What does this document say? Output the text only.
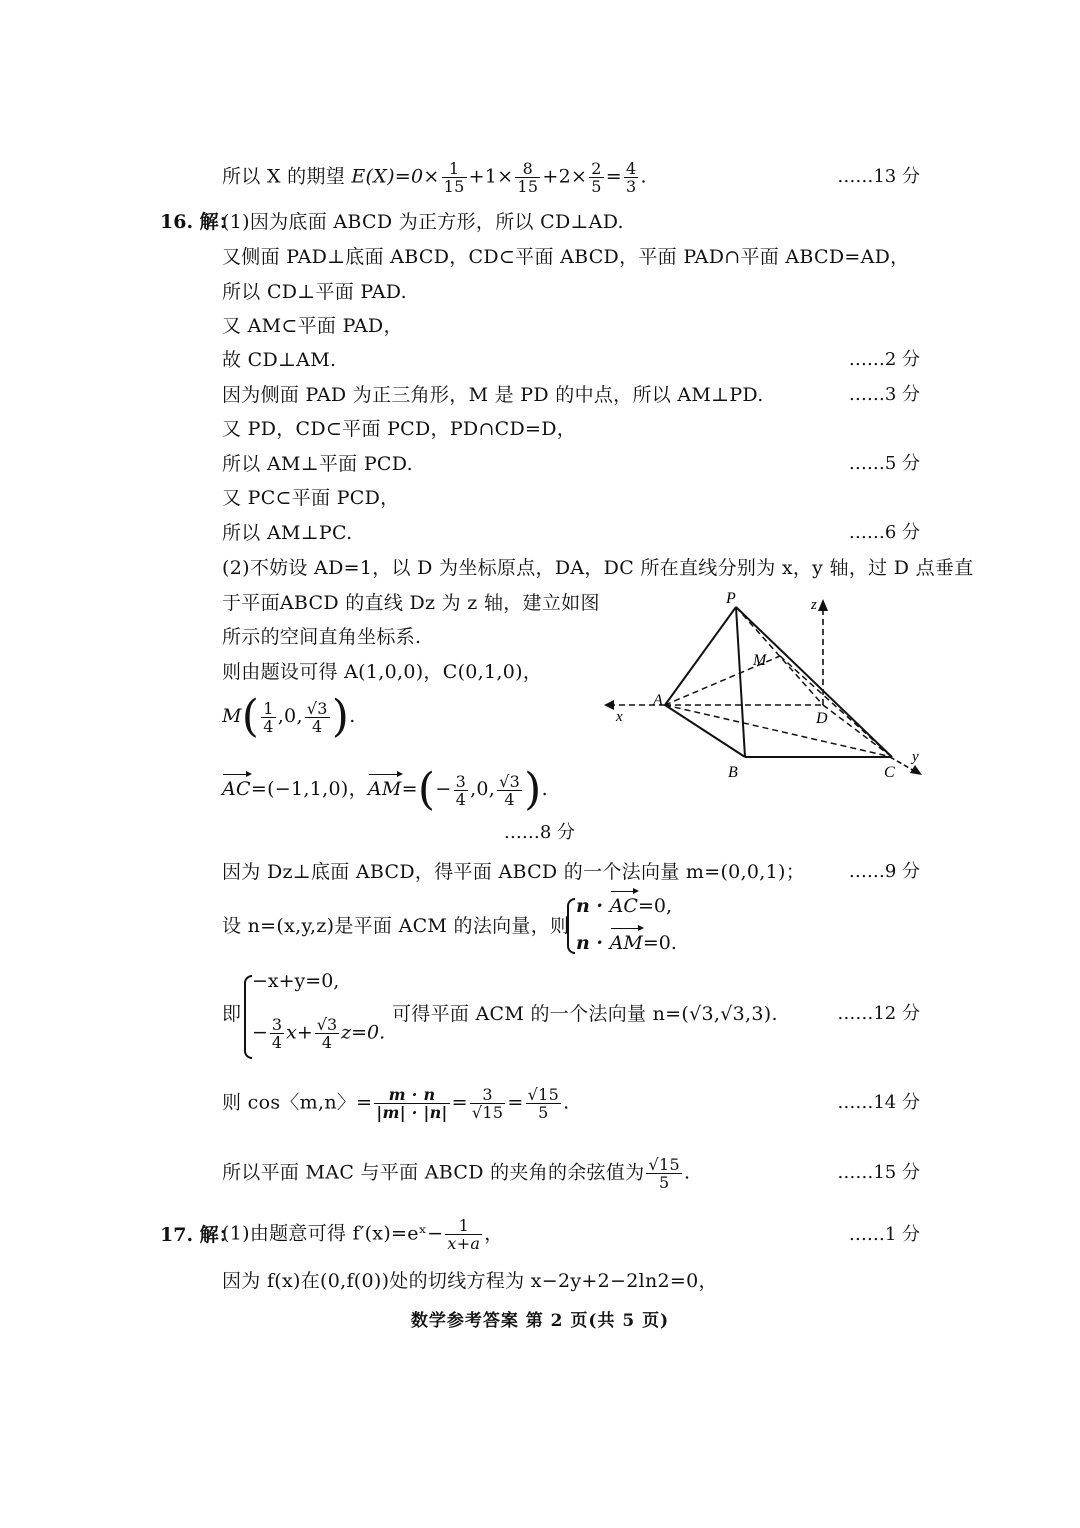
所以 X 的期望 $E(X)=0\times \frac{1}{15} +1\times \frac{8}{15} +2\times \frac{2}{5} = \frac{4}{3}$ .	……13 分
16. 解：
(1)因为底面 ABCD 为正方形，所以 CD⊥AD.
又侧面 PAD⊥底面 ABCD，CD⊂平面 ABCD，平面 PAD∩平面 ABCD=AD，
所以 CD⊥平面 PAD.
又 AM⊂平面 PAD，
故 CD⊥AM.	……2 分
因为侧面 PAD 为正三角形，M 是 PD 的中点，所以 AM⊥PD.	……3 分
又 PD，CD⊂平面 PCD，PD∩CD=D，
所以 AM⊥平面 PCD.	……5 分
又 PC⊂平面 PCD，
所以 AM⊥PC.	……6 分
(2)不妨设 AD=1，以 D 为坐标原点，DA，DC 所在直线分别为 x，y 轴，过 D 点垂直
于平面ABCD 的直线 Dz 为 z 轴，建立如图
所示的空间直角坐标系.
则由题设可得 A(1,0,0)，C(0,1,0)，
$M( \frac{1}{4} ,0$, $\frac{√3}{4}$ ).
AC=(−1,1,0)，$AM=(- \frac{3}{4} ,0$, $\frac{√3}{4}$ ).
……8 分
P
M
A
D
B	C
x
y
z
因为 Dz⊥底面 ABCD，得平面 ABCD 的一个法向量 m=(0,0,1)； ……9 分
设 n=(x,y,z)是平面 ACM 的法向量，则
n · AC=0,
n · AM=0.
即
−x+y=0,
− $\frac{3}{4} x+ \frac{√3}{4} z=0$.
可得平面 ACM 的一个法向量 n=(√3,√3,3).	……12 分
则 cos〈m,n〉= $\frac{m \cdot n}{|m| \cdot |n|} = \frac{3}{√15} = \frac{√15}{5}$ .	……14 分
所以平面 MAC 与平面 ABCD 的夹角的余弦值为 $\frac{√15}{5}$ .	……15 分
17. 解：
(1)由题意可得 f′(x)=eˣ− $\frac{1}{x+a}$ ，	……1 分
因为 f(x)在(0,f(0))处的切线方程为 x−2y+2−2ln2=0，
数学参考答案 第 2 页(共 5 页)
